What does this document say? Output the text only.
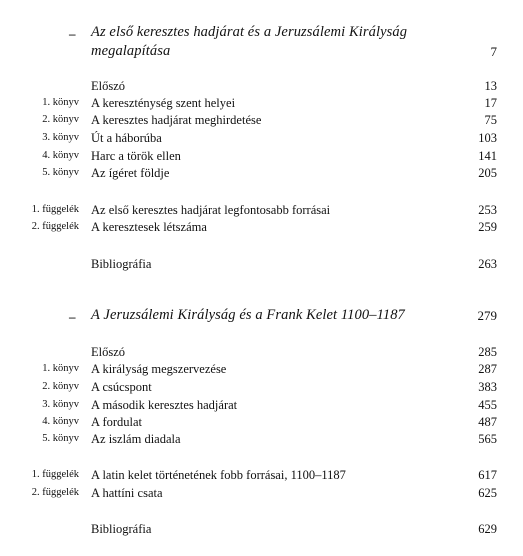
– Az első keresztes hadjárat és a Jeruzsálemi Királyság
megalapítása	7
Előszó	13
1. könyv A kereszténység szent helyei	17
2. könyv A keresztes hadjárat meghirdetése	75
3. könyv Út a háborúba	103
4. könyv Harc a török ellen	141
5. könyv Az ígéret földje	205
1. függelék Az első keresztes hadjárat legfontosabb forrásai	253
2. függelék A keresztesek létszáma	259
Bibliográfia	263
– A Jeruzsálemi Királyság és a Frank Kelet 1100–1187	279
Előszó	285
1. könyv A királyság megszervezése	287
2. könyv A csúcspont	383
3. könyv A második keresztes hadjárat	455
4. könyv A fordulat	487
5. könyv Az iszlám diadala	565
1. függelék A latin kelet történetének fobb forrásai, 1100–1187	617
2. függelék A hattíni csata	625
Bibliográfia	629
